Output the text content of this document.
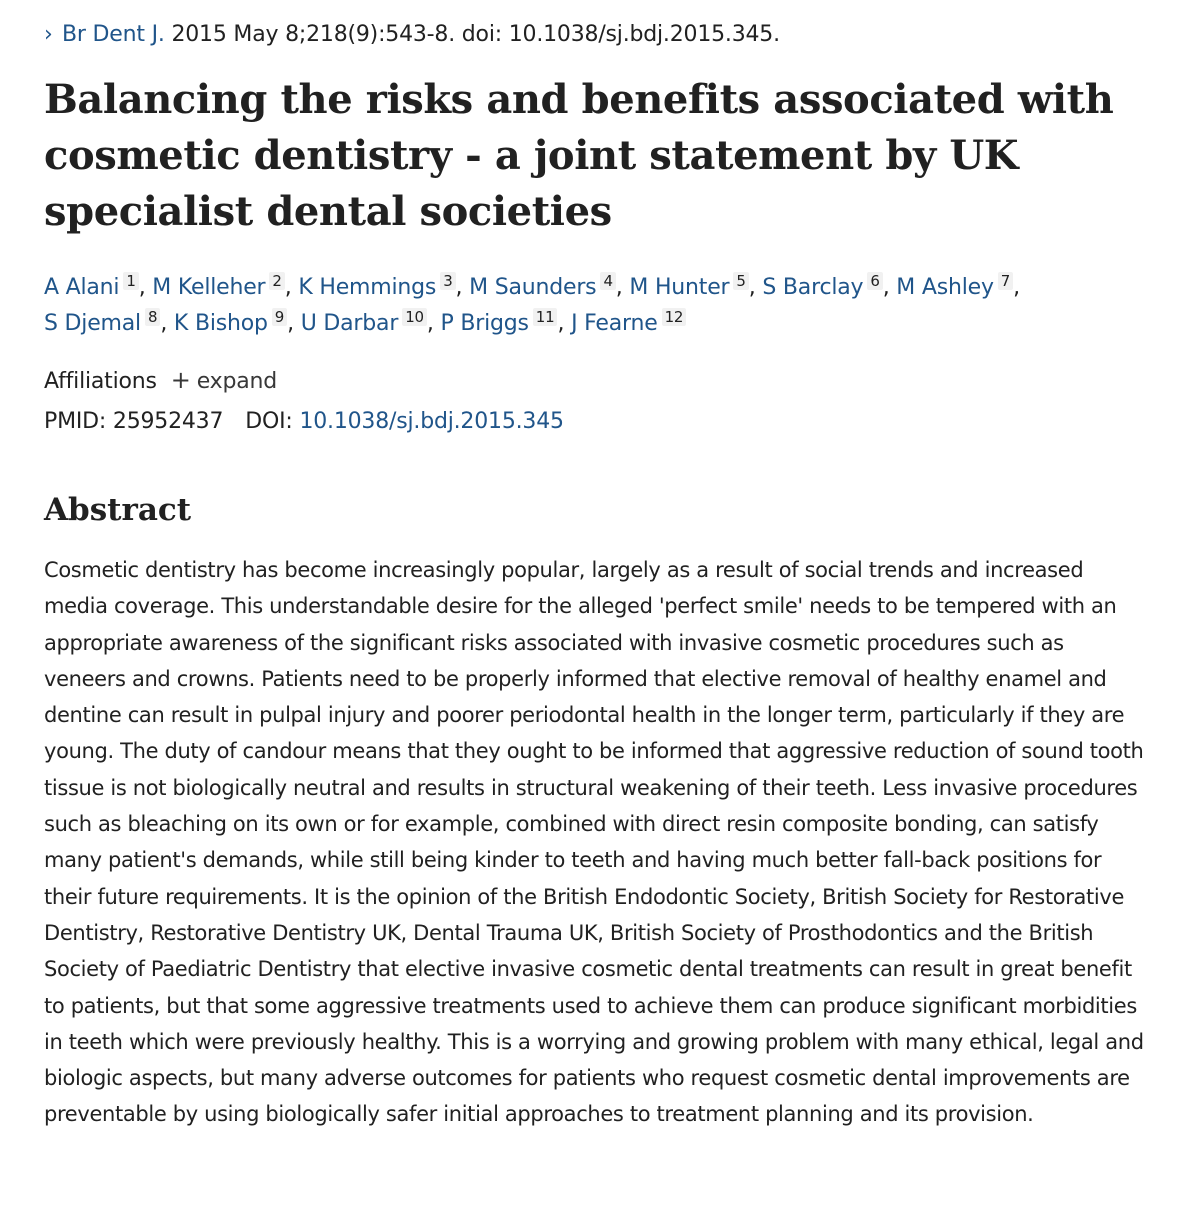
› Br Dent J. 2015 May 8;218(9):543-8. doi: 10.1038/sj.bdj.2015.345.
Balancing the risks and benefits associated with cosmetic dentistry - a joint statement by UK specialist dental societies
A Alani 1 , M Kelleher 2 , K Hemmings 3 , M Saunders 4 , M Hunter 5 , S Barclay 6 , M Ashley 7 ,
S Djemal 8 , K Bishop 9 , U Darbar 10 , P Briggs 11 , J Fearne 12
Affiliations + expand
PMID: 25952437 DOI: 10.1038/sj.bdj.2015.345
Abstract
Cosmetic dentistry has become increasingly popular, largely as a result of social trends and increased media coverage. This understandable desire for the alleged 'perfect smile' needs to be tempered with an appropriate awareness of the significant risks associated with invasive cosmetic procedures such as veneers and crowns. Patients need to be properly informed that elective removal of healthy enamel and dentine can result in pulpal injury and poorer periodontal health in the longer term, particularly if they are young. The duty of candour means that they ought to be informed that aggressive reduction of sound tooth tissue is not biologically neutral and results in structural weakening of their teeth. Less invasive procedures such as bleaching on its own or for example, combined with direct resin composite bonding, can satisfy many patient's demands, while still being kinder to teeth and having much better fall-back positions for their future requirements. It is the opinion of the British Endodontic Society, British Society for Restorative Dentistry, Restorative Dentistry UK, Dental Trauma UK, British Society of Prosthodontics and the British Society of Paediatric Dentistry that elective invasive cosmetic dental treatments can result in great benefit to patients, but that some aggressive treatments used to achieve them can produce significant morbidities in teeth which were previously healthy. This is a worrying and growing problem with many ethical, legal and biologic aspects, but many adverse outcomes for patients who request cosmetic dental improvements are preventable by using biologically safer initial approaches to treatment planning and its provision.
